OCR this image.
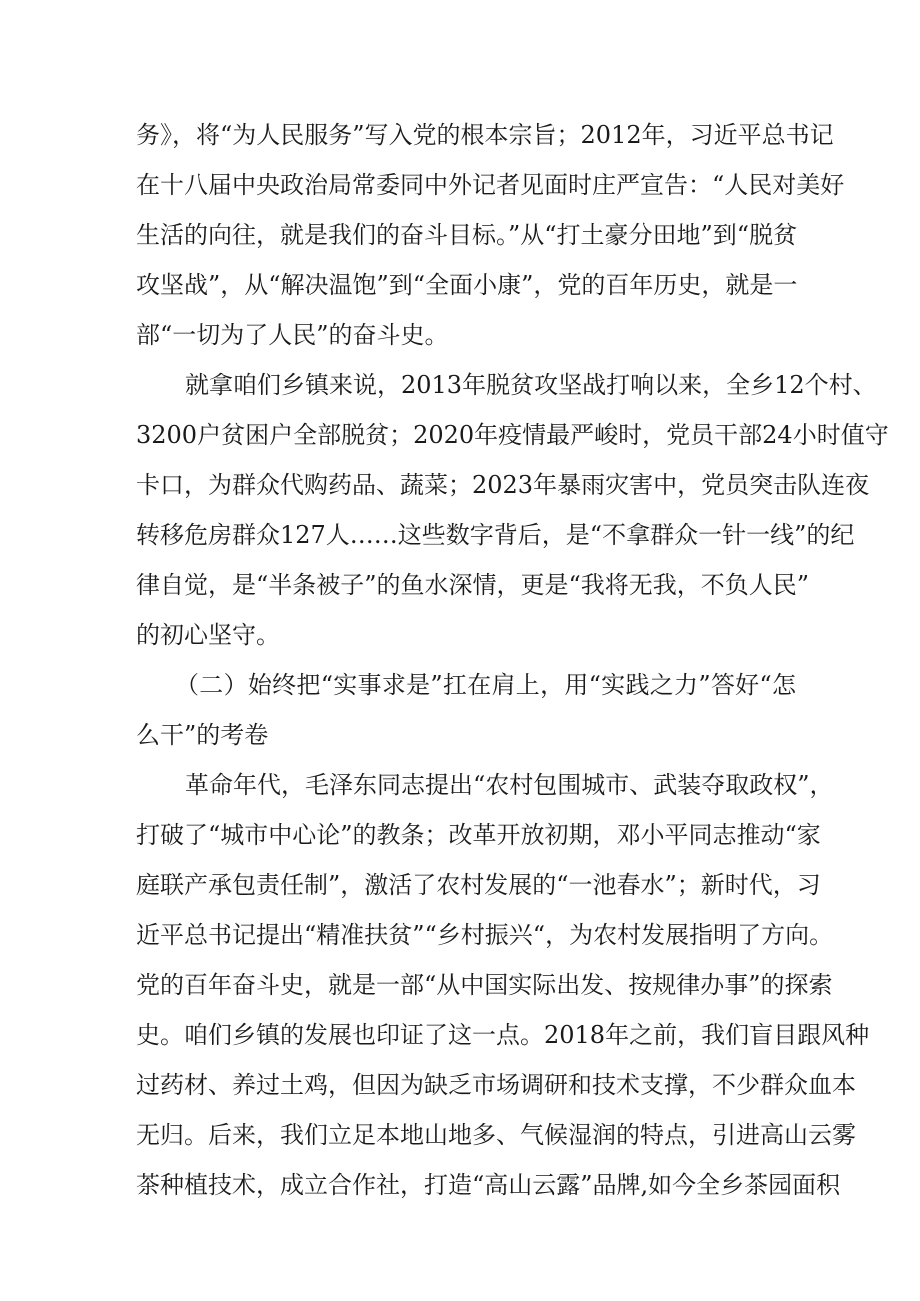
务》，将“为人民服务”写入党的根本宗旨；2012年，习近平总书记
在十八届中央政治局常委同中外记者见面时庄严宣告：“人民对美好
生活的向往，就是我们的奋斗目标。”从“打土豪分田地”到“脱贫
攻坚战”，从“解决温饱”到“全面小康”，党的百年历史，就是一
部“一切为了人民”的奋斗史。
就拿咱们乡镇来说，2013年脱贫攻坚战打响以来，全乡12个村、
3200户贫困户全部脱贫；2020年疫情最严峻时，党员干部24小时值守
卡口，为群众代购药品、蔬菜；2023年暴雨灾害中，党员突击队连夜
转移危房群众127人……这些数字背后，是“不拿群众一针一线”的纪
律自觉，是“半条被子”的鱼水深情，更是“我将无我，不负人民”
的初心坚守。
（二）始终把“实事求是”扛在肩上，用“实践之力”答好“怎
么干”的考卷
革命年代，毛泽东同志提出“农村包围城市、武装夺取政权”，
打破了“城市中心论”的教条；改革开放初期，邓小平同志推动“家
庭联产承包责任制”，激活了农村发展的“一池春水”；新时代，习
近平总书记提出“精准扶贫”“乡村振兴“，为农村发展指明了方向。
党的百年奋斗史，就是一部“从中国实际出发、按规律办事”的探索
史。咱们乡镇的发展也印证了这一点。2018年之前，我们盲目跟风种
过药材、养过土鸡，但因为缺乏市场调研和技术支撑，不少群众血本
无归。后来，我们立足本地山地多、气候湿润的特点，引进高山云雾
茶种植技术，成立合作社，打造“高山云露”品牌,如今全乡茶园面积
